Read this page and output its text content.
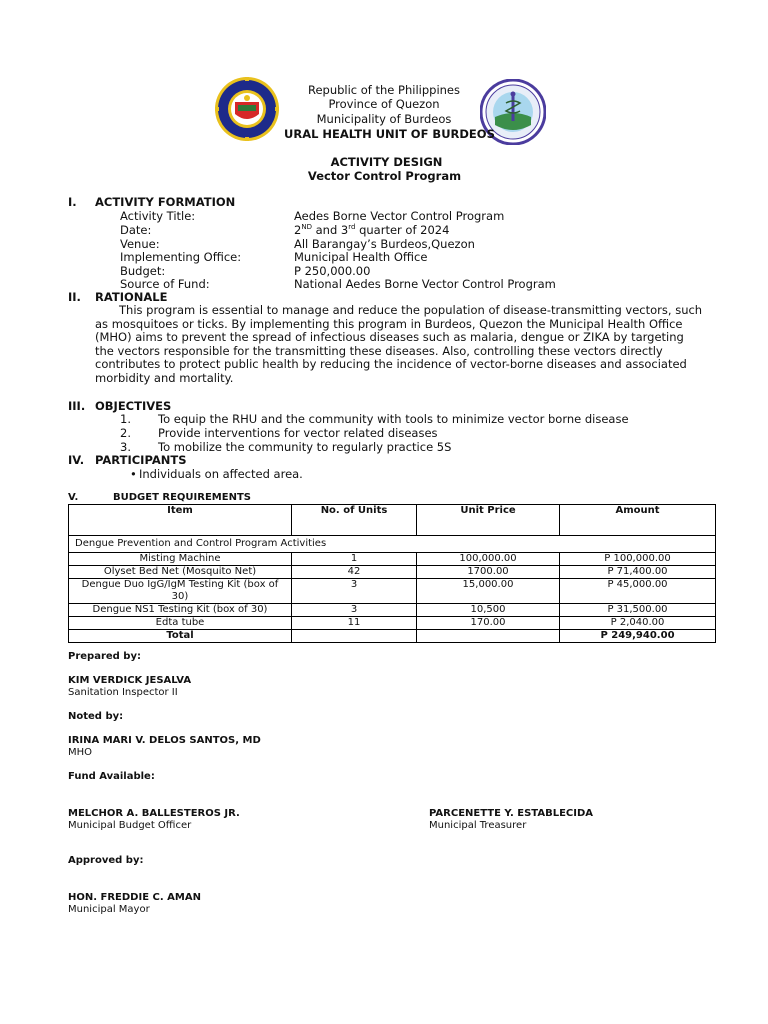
Republic of the Philippines
Province of Quezon
Municipality of Burdeos
URAL HEALTH UNIT OF BURDEOS
ACTIVITY DESIGN
Vector Control Program
I. ACTIVITY FORMATION
Activity Title:	Aedes Borne Vector Control Program
Date:	2ND and 3rd quarter of 2024
Venue:	All Barangay’s Burdeos,Quezon
Implementing Office:	Municipal Health Office
Budget:	P 250,000.00
Source of Fund:	National Aedes Borne Vector Control Program
II. RATIONALE
This program is essential to manage and reduce the population of disease-transmitting vectors, such as mosquitoes or ticks. By implementing this program in Burdeos, Quezon the Municipal Health Office (MHO) aims to prevent the spread of infectious diseases such as malaria, dengue or ZIKA by targeting the vectors responsible for the transmitting these diseases. Also, controlling these vectors directly contributes to protect public health by reducing the incidence of vector-borne diseases and associated morbidity and mortality.
III. OBJECTIVES
1. To equip the RHU and the community with tools to minimize vector borne disease
2. Provide interventions for vector related diseases
3. To mobilize the community to regularly practice 5S
IV. PARTICIPANTS
• Individuals on affected area.
V.	BUDGET REQUIREMENTS
Item	No. of Units	Unit Price	Amount
Dengue Prevention and Control Program Activities			
Misting Machine	1	100,000.00	P 100,000.00
Olyset Bed Net (Mosquito Net)	42	1700.00	P 71,400.00
Dengue Duo IgG/IgM Testing Kit (box of 30)	3	15,000.00	P 45,000.00
Dengue NS1 Testing Kit (box of 30)	3	10,500	P 31,500.00
Edta tube	11	170.00	P 2,040.00
Total			P 249,940.00
Prepared by:
KIM VERDICK JESALVA
Sanitation Inspector II
Noted by:
IRINA MARI V. DELOS SANTOS, MD
MHO
Fund Available:
MELCHOR A. BALLESTEROS JR.
Municipal Budget Officer
PARCENETTE Y. ESTABLECIDA
Municipal Treasurer
Approved by:
HON. FREDDIE C. AMAN
Municipal Mayor
